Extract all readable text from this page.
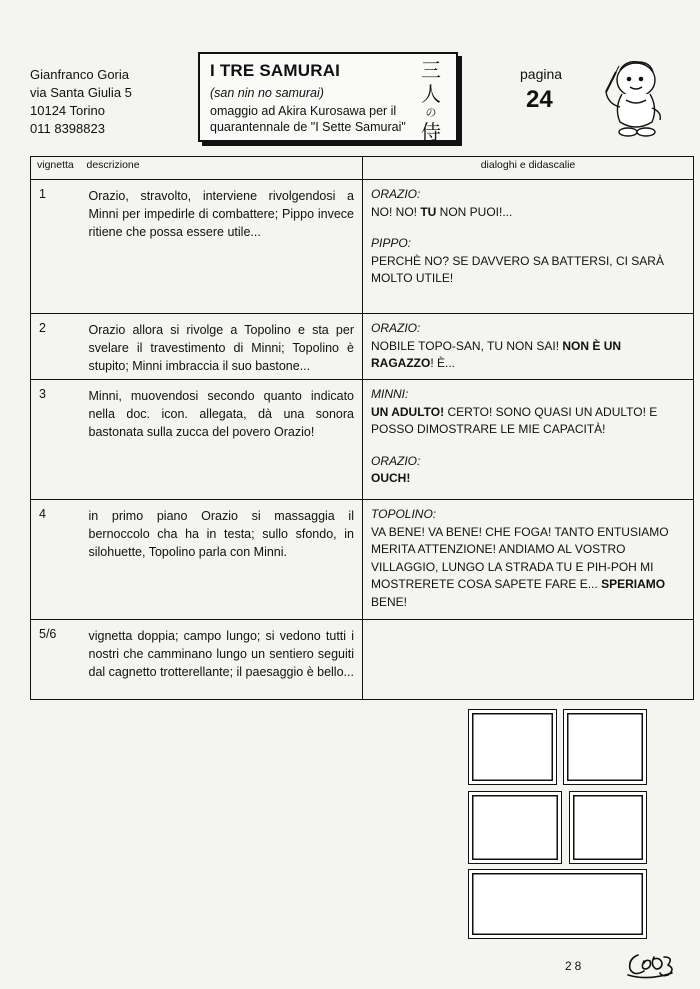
Gianfranco Goria
via Santa Giulia 5
10124 Torino
011 8398823
I TRE SAMURAI
(san nin no samurai)
omaggio ad Akira Kurosawa per il quarantennale de "I Sette Samurai"
三
人
の
侍
pagina
24
vignetta	descrizione	dialoghi e didascalie
1	Orazio, stravolto, interviene rivolgendosi a Minni per impedirle di combattere; Pippo invece ritiene che possa essere utile...	ORAZIO:
NO! NO! TU NON PUOI!...
PIPPO:
PERCHÈ NO? SE DAVVERO SA BATTERSI, CI SARÀ MOLTO UTILE!

2	Orazio allora si rivolge a Topolino e sta per svelare il travestimento di Minni; Topolino è stupito; Minni imbraccia il suo bastone...	ORAZIO:
NOBILE TOPO-SAN, TU NON SAI! NON È UN RAGAZZO! È...

3	Minni, muovendosi secondo quanto indicato nella doc. icon. allegata, dà una sonora bastonata sulla zucca del povero Orazio!	MINNI:
UN ADULTO! CERTO! SONO QUASI UN ADULTO! E POSSO DIMOSTRARE LE MIE CAPACITÀ!
ORAZIO:
OUCH!

4	in primo piano Orazio si massaggia il bernoccolo cha ha in testa; sullo sfondo, in silohuette, Topolino parla con Minni.	TOPOLINO:
VA BENE! VA BENE! CHE FOGA! TANTO ENTUSIAMO MERITA ATTENZIONE! ANDIAMO AL VOSTRO VILLAGGIO, LUNGO LA STRADA TU E PIH-POH MI MOSTRERETE COSA SAPETE FARE E... SPERIAMO BENE!

5/6	vignetta doppia; campo lungo; si vedono tutti i nostri che camminano lungo un sentiero seguiti dal cagnetto trotterellante; il paesaggio è bello...	
28
